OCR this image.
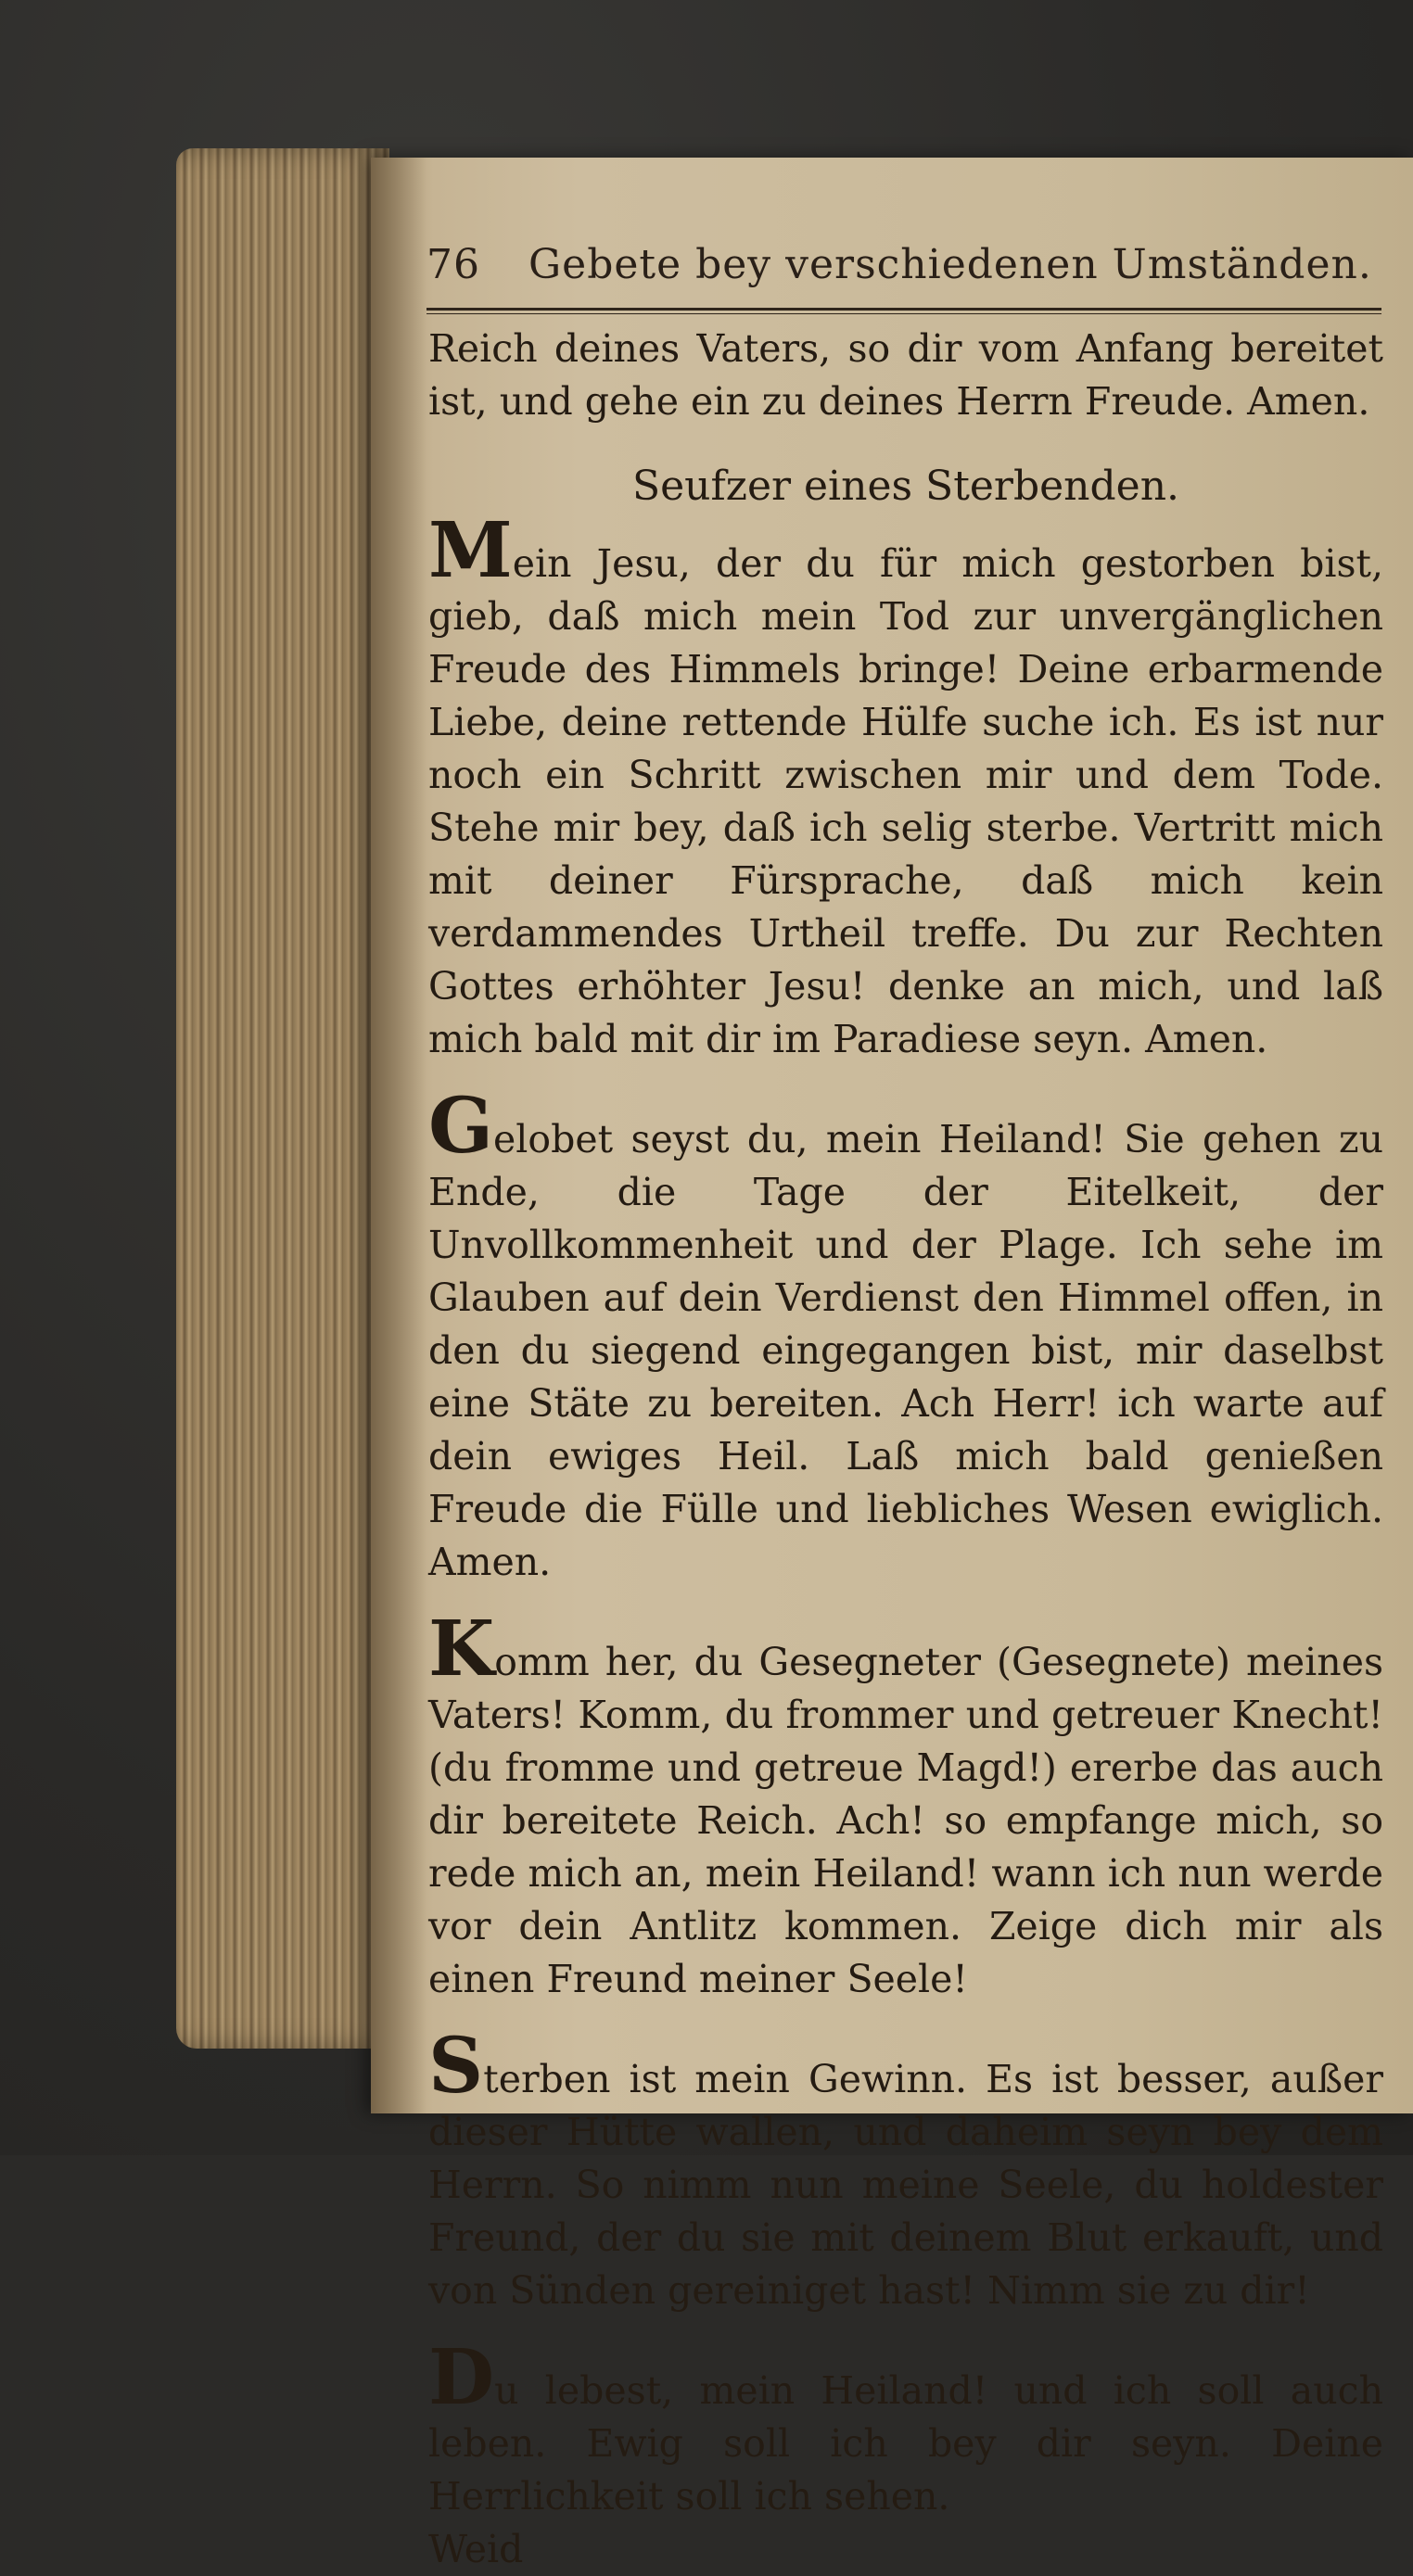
76 Gebete bey verschiedenen Umständen.

Reich deines Vaters, so dir vom Anfang bereitet ist, und gehe ein zu deines Herrn Freude. Amen.

Seufzer eines Sterbenden.

Mein Jesu, der du für mich gestorben bist, gieb, daß mich mein Tod zur unvergänglichen Freude des Himmels bringe! Deine erbarmende Liebe, deine rettende Hülfe suche ich. Es ist nur noch ein Schritt zwischen mir und dem Tode. Stehe mir bey, daß ich selig sterbe. Vertritt mich mit deiner Fürsprache, daß mich kein verdammendes Urtheil treffe. Du zur Rechten Gottes erhöhter Jesu! denke an mich, und laß mich bald mit dir im Paradiese seyn. Amen.

Gelobet seyst du, mein Heiland! Sie gehen zu Ende, die Tage der Eitelkeit, der Unvollkommenheit und der Plage. Ich sehe im Glauben auf dein Verdienst den Himmel offen, in den du siegend eingegangen bist, mir daselbst eine Stäte zu bereiten. Ach Herr! ich warte auf dein ewiges Heil. Laß mich bald genießen Freude die Fülle und liebliches Wesen ewiglich. Amen.

Komm her, du Gesegneter (Gesegnete) meines Vaters! Komm, du frommer und getreuer Knecht! (du fromme und getreue Magd!) ererbe das auch dir bereitete Reich. Ach! so empfange mich, so rede mich an, mein Heiland! wann ich nun werde vor dein Antlitz kommen. Zeige dich mir als einen Freund meiner Seele!

Sterben ist mein Gewinn. Es ist besser, außer dieser Hütte wallen, und daheim seyn bey dem Herrn. So nimm nun meine Seele, du holdester Freund, der du sie mit deinem Blut erkauft, und von Sünden gereiniget hast! Nimm sie zu dir!

Du lebest, mein Heiland! und ich soll auch leben. Ewig soll ich bey dir seyn. Deine Herrlichkeit soll ich sehen.

Weid
